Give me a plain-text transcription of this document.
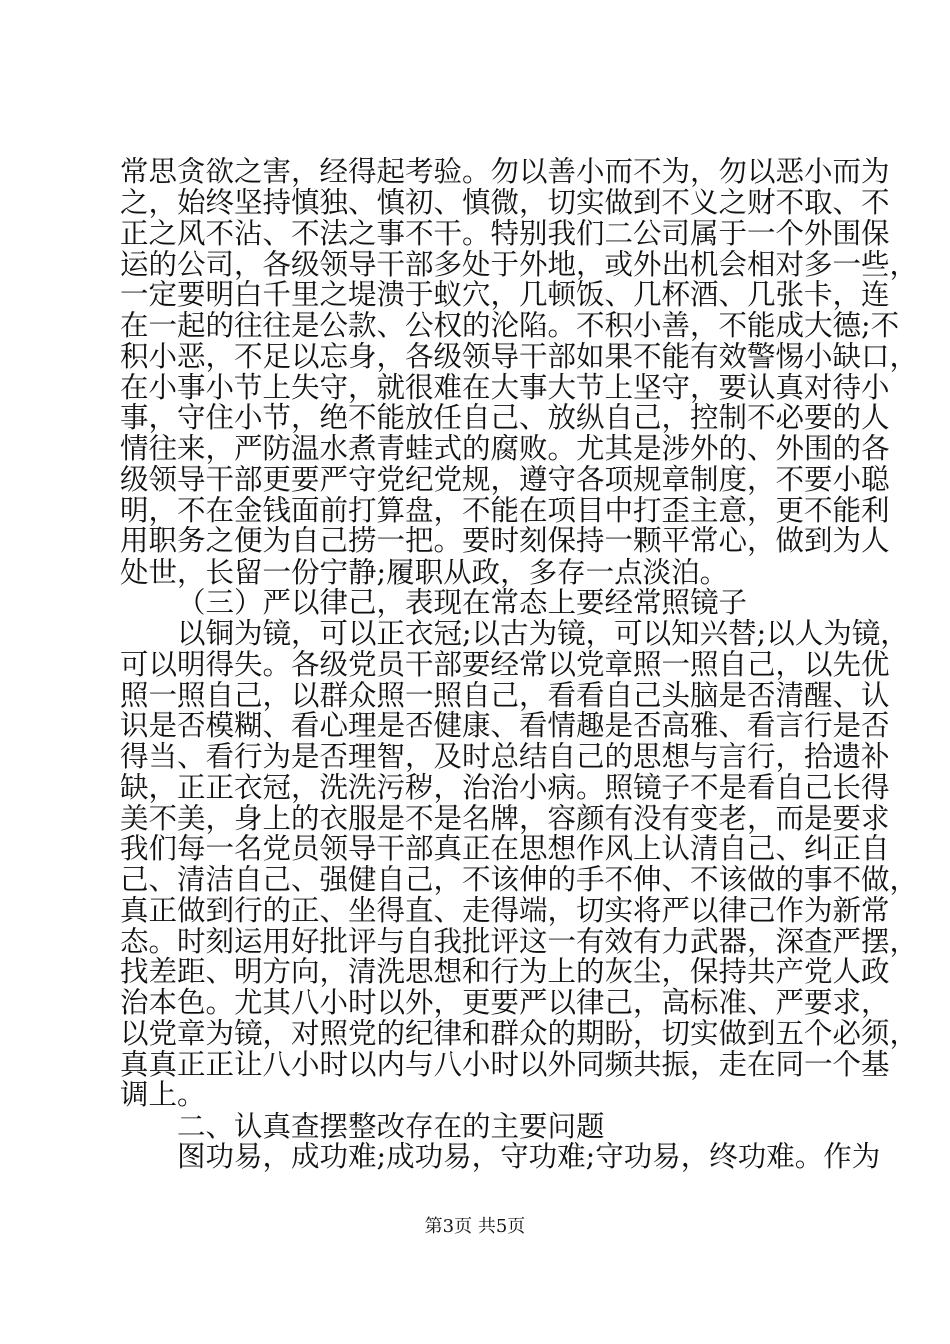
常思贪欲之害，经得起考验。勿以善小而不为，勿以恶小而为
之，始终坚持慎独、慎初、慎微，切实做到不义之财不取、不
正之风不沾、不法之事不干。特别我们二公司属于一个外围保
运的公司，各级领导干部多处于外地，或外出机会相对多一些，
一定要明白千里之堤溃于蚁穴，几顿饭、几杯酒、几张卡，连
在一起的往往是公款、公权的沦陷。不积小善，不能成大德;不
积小恶，不足以忘身，各级领导干部如果不能有效警惕小缺口，
在小事小节上失守，就很难在大事大节上坚守，要认真对待小
事，守住小节，绝不能放任自己、放纵自己，控制不必要的人
情往来，严防温水煮青蛙式的腐败。尤其是涉外的、外围的各
级领导干部更要严守党纪党规，遵守各项规章制度，不要小聪
明，不在金钱面前打算盘，不能在项目中打歪主意，更不能利
用职务之便为自己捞一把。要时刻保持一颗平常心，做到为人
处世，长留一份宁静;履职从政，多存一点淡泊。
（三）严以律己，表现在常态上要经常照镜子
以铜为镜，可以正衣冠;以古为镜，可以知兴替;以人为镜，
可以明得失。各级党员干部要经常以党章照一照自己，以先优
照一照自己，以群众照一照自己，看看自己头脑是否清醒、认
识是否模糊、看心理是否健康、看情趣是否高雅、看言行是否
得当、看行为是否理智，及时总结自己的思想与言行，拾遗补
缺，正正衣冠，洗洗污秽，治治小病。照镜子不是看自己长得
美不美，身上的衣服是不是名牌，容颜有没有变老，而是要求
我们每一名党员领导干部真正在思想作风上认清自己、纠正自
己、清洁自己、强健自己，不该伸的手不伸、不该做的事不做，
真正做到行的正、坐得直、走得端，切实将严以律己作为新常
态。时刻运用好批评与自我批评这一有效有力武器，深查严摆，
找差距、明方向，清洗思想和行为上的灰尘，保持共产党人政
治本色。尤其八小时以外，更要严以律己，高标准、严要求，
以党章为镜，对照党的纪律和群众的期盼，切实做到五个必须，
真真正正让八小时以内与八小时以外同频共振，走在同一个基
调上。
二、认真查摆整改存在的主要问题
图功易，成功难;成功易，守功难;守功易，终功难。作为
第3页 共5页
